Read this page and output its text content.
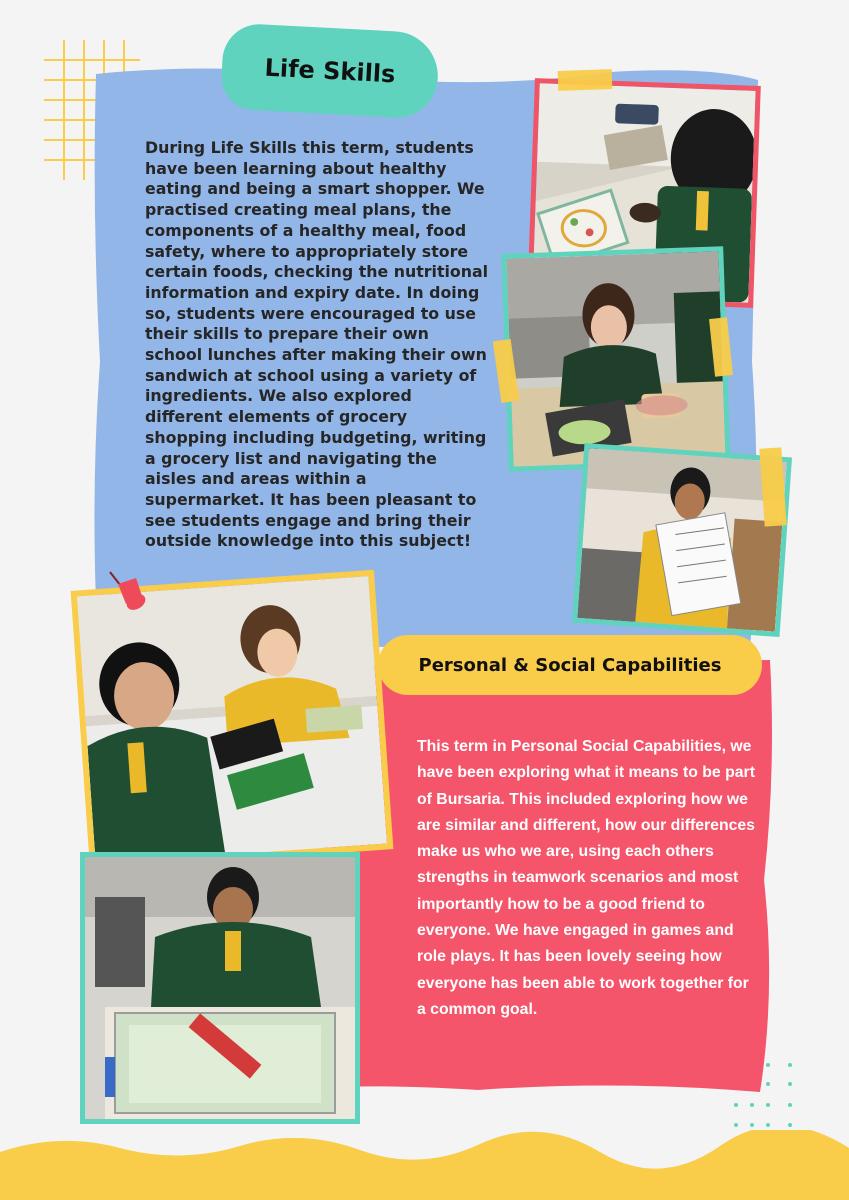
Life Skills

During Life Skills this term, students have been learning about healthy eating and being a smart shopper. We practised creating meal plans, the components of a healthy meal, food safety, where to appropriately store certain foods, checking the nutritional information and expiry date. In doing so, students were encouraged to use their skills to prepare their own school lunches after making their own sandwich at school using a variety of ingredients. We also explored different elements of grocery shopping including budgeting, writing a grocery list and navigating the aisles and areas within a supermarket. It has been pleasant to see students engage and bring their outside knowledge into this subject!

Personal & Social Capabilities

This term in Personal Social Capabilities, we have been exploring what it means to be part of Bursaria. This included exploring how we are similar and different, how our differences make us who we are, using each others strengths in teamwork scenarios and most importantly how to be a good friend to everyone. We have engaged in games and role plays. It has been lovely seeing how everyone has been able to work together for a common goal.
